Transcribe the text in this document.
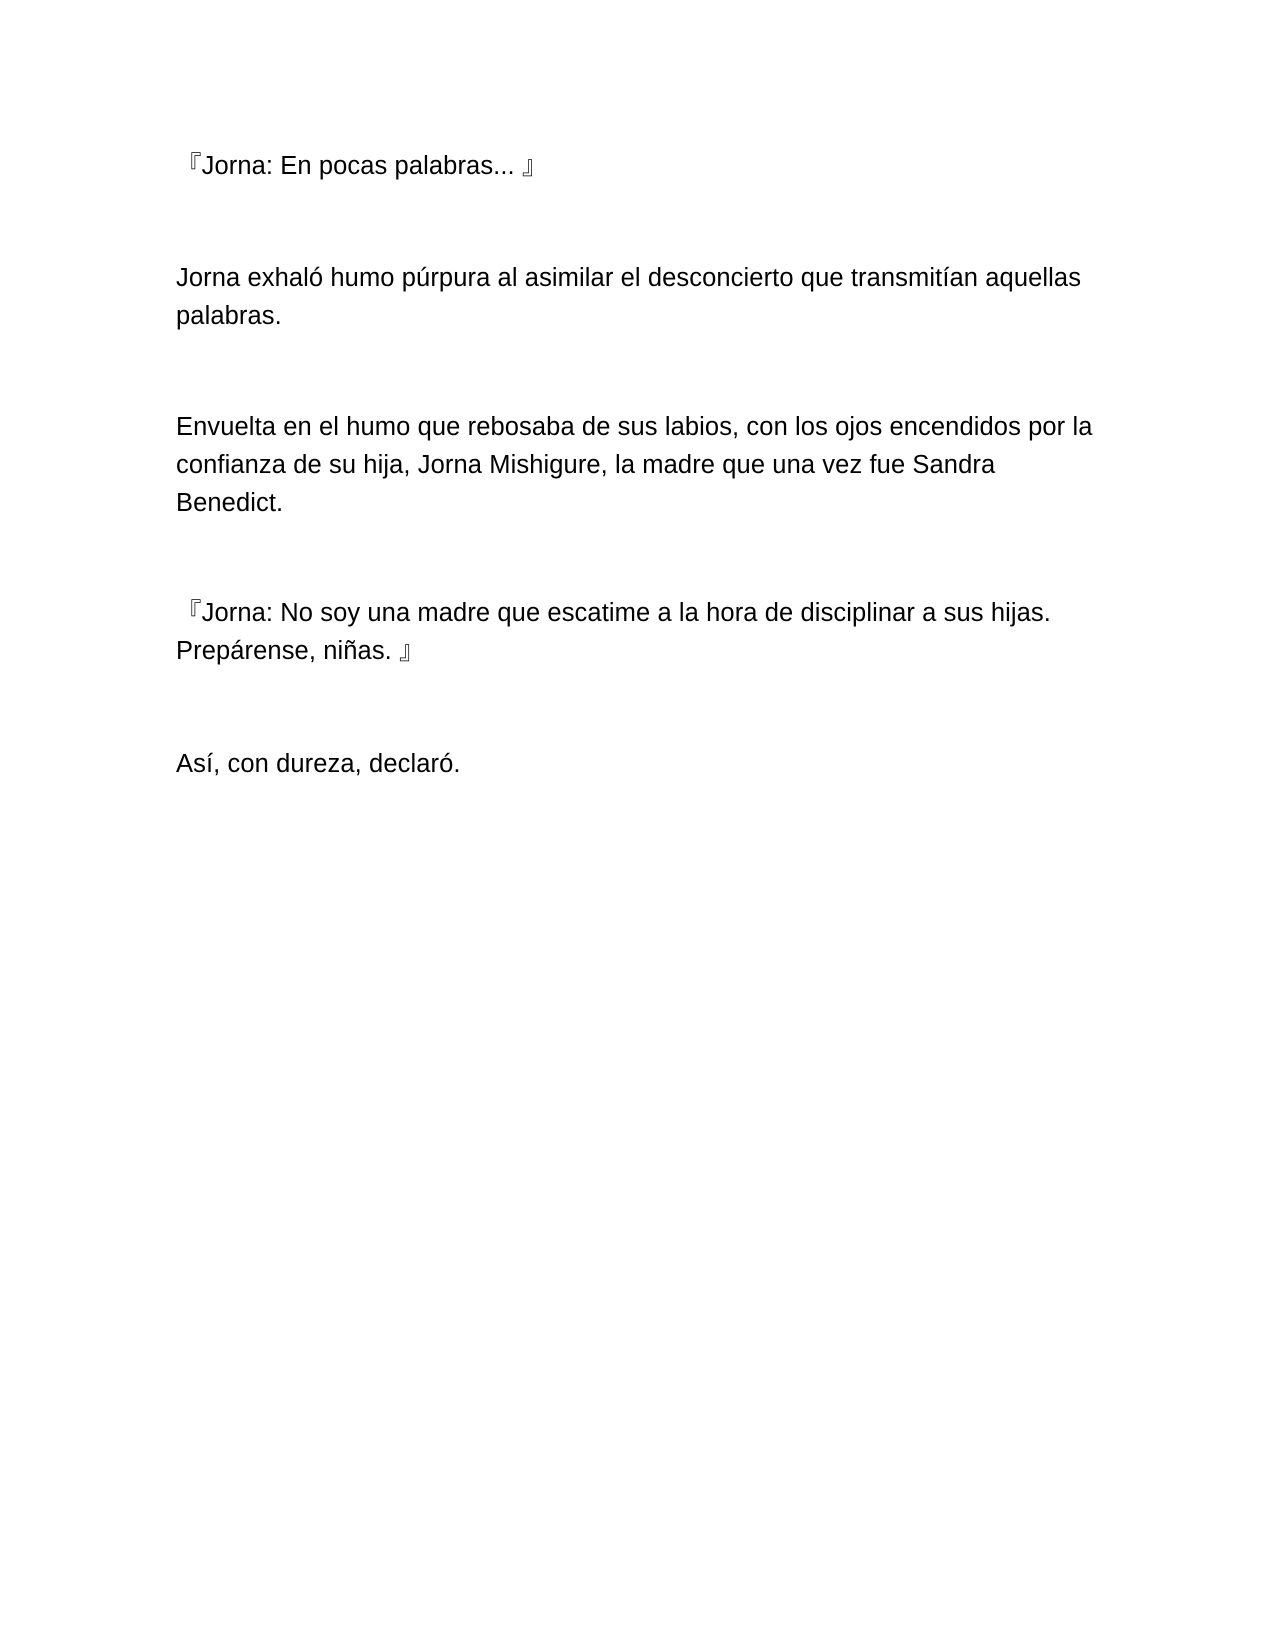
『Jorna: En pocas palabras... 』

Jorna exhaló humo púrpura al asimilar el desconcierto que transmitían aquellas palabras.

Envuelta en el humo que rebosaba de sus labios, con los ojos encendidos por la confianza de su hija, Jorna Mishigure, la madre que una vez fue Sandra Benedict.

『Jorna: No soy una madre que escatime a la hora de disciplinar a sus hijas. Prepárense, niñas. 』

Así, con dureza, declaró.
